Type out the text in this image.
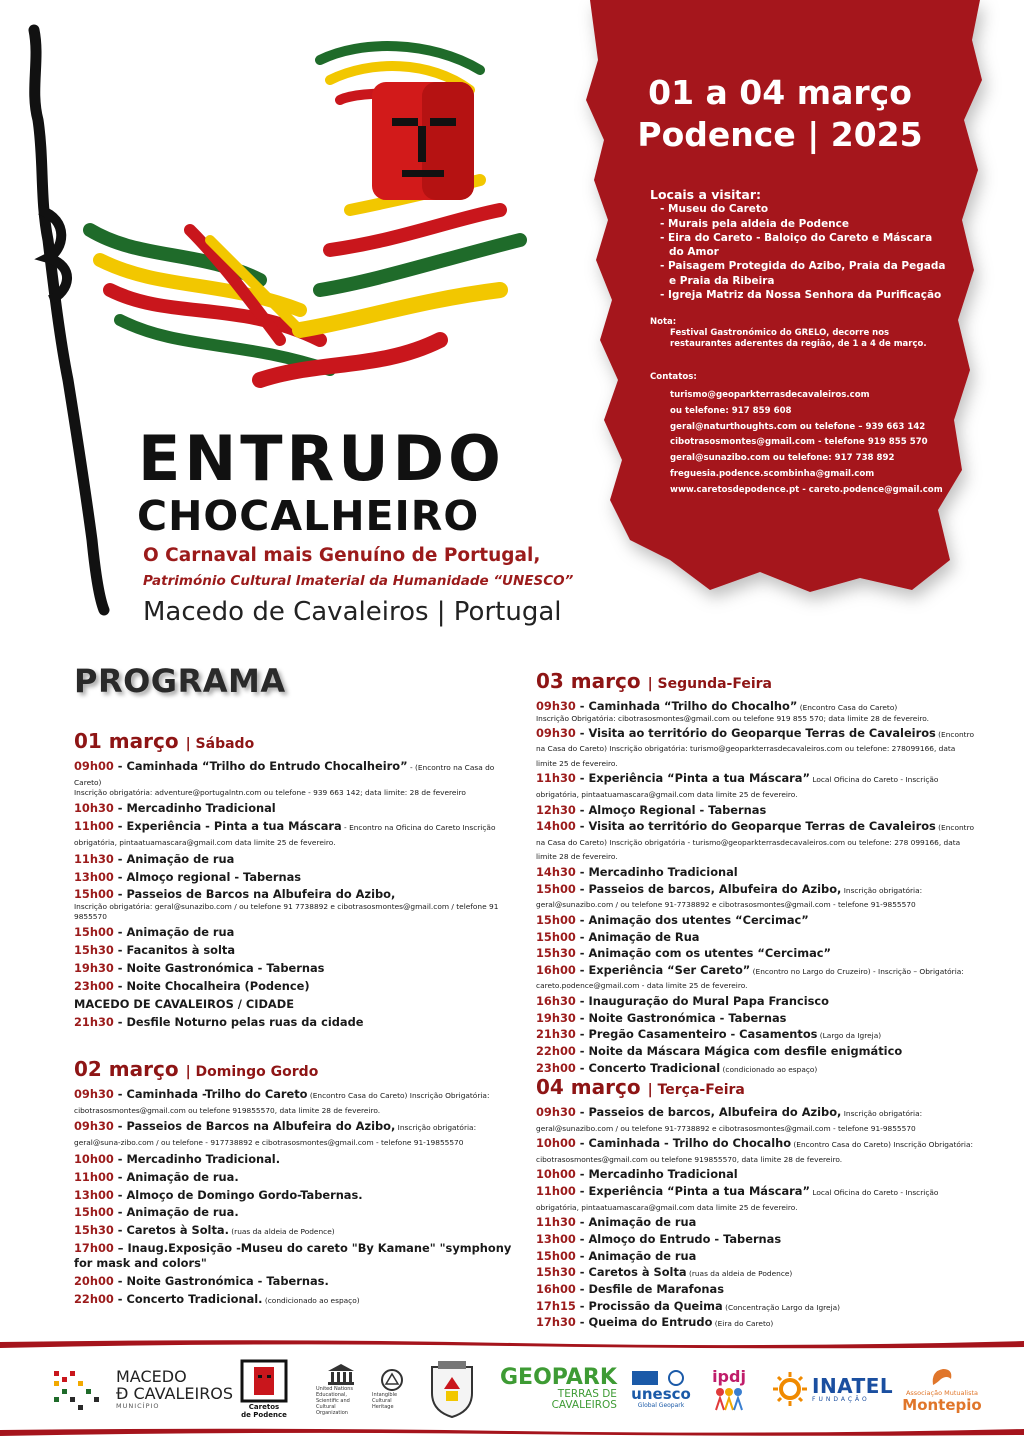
01 a 04 março
Podence | 2025
Locais a visitar:
- Museu do Careto
- Murais pela aldeia de Podence
- Eira do Careto - Baloiço do Careto e Máscara do Amor
- Paisagem Protegida do Azibo, Praia da Pegada e Praia da Ribeira
- Igreja Matriz da Nossa Senhora da Purificação
Nota:
Festival Gastronómico do GRELO, decorre nos restaurantes aderentes da região, de 1 a 4 de março.
Contatos:
turismo@geoparkterrasdecavaleiros.com
ou telefone: 917 859 608
geral@naturthoughts.com ou telefone – 939 663 142
cibotrasosmontes@gmail.com - telefone 919 855 570
geral@sunazibo.com ou telefone: 917 738 892
freguesia.podence.scombinha@gmail.com
www.caretosdepodence.pt - careto.podence@gmail.com
ENTRUDO
CHOCALHEIRO
O Carnaval mais Genuíno de Portugal,
Património Cultural Imaterial da Humanidade “UNESCO”
Macedo de Cavaleiros | Portugal
PROGRAMA
01 março | Sábado
09h00 - Caminhada “Trilho do Entrudo Chocalheiro” - (Encontro na Casa do Careto)
Inscrição obrigatória: adventure@portugalntn.com ou telefone - 939 663 142; data limite: 28 de fevereiro
10h30 - Mercadinho Tradicional
11h00 - Experiência - Pinta a tua Máscara - Encontro na Oficina do Careto Inscrição obrigatória, pintaatuamascara@gmail.com data limite 25 de fevereiro.
11h30 - Animação de rua
13h00 - Almoço regional - Tabernas
15h00 - Passeios de Barcos na Albufeira do Azibo,
Inscrição obrigatória: geral@sunazibo.com / ou telefone 91 7738892 e cibotrasosmontes@gmail.com / telefone 91 9855570
15h00 - Animação de rua
15h30 - Facanitos à solta
19h30 - Noite Gastronómica - Tabernas
23h00 - Noite Chocalheira (Podence)
MACEDO DE CAVALEIROS / CIDADE
21h30 - Desfile Noturno pelas ruas da cidade
02 março | Domingo Gordo
09h30 - Caminhada -Trilho do Careto (Encontro Casa do Careto) Inscrição Obrigatória: cibotrasosmontes@gmail.com ou telefone 919855570, data limite 28 de fevereiro.
09h30 - Passeios de Barcos na Albufeira do Azibo, Inscrição obrigatória: geral@suna-zibo.com / ou telefone - 917738892 e cibotrasosmontes@gmail.com - telefone 91-19855570
10h00 - Mercadinho Tradicional.
11h00 - Animação de rua.
13h00 - Almoço de Domingo Gordo-Tabernas.
15h00 - Animação de rua.
15h30 - Caretos à Solta. (ruas da aldeia de Podence)
17h00 – Inaug.Exposição -Museu do careto "By Kamane" "symphony for mask and colors"
20h00 - Noite Gastronómica - Tabernas.
22h00 - Concerto Tradicional. (condicionado ao espaço)
03 março | Segunda-Feira
09h30 - Caminhada “Trilho do Chocalho” (Encontro Casa do Careto)
Inscrição Obrigatória: cibotrasosmontes@gmail.com ou telefone 919 855 570; data limite 28 de fevereiro.
09h30 - Visita ao território do Geoparque Terras de Cavaleiros (Encontro na Casa do Careto) Inscrição obrigatória: turismo@geoparkterrasdecavaleiros.com ou telefone: 278099166, data limite 25 de fevereiro.
11h30 - Experiência “Pinta a tua Máscara” Local Oficina do Careto - Inscrição obrigatória, pintaatuamascara@gmail.com data limite 25 de fevereiro.
12h30 - Almoço Regional - Tabernas
14h00 - Visita ao território do Geoparque Terras de Cavaleiros (Encontro na Casa do Careto) Inscrição obrigatória - turismo@geoparkterrasdecavaleiros.com ou telefone: 278 099166, data limite 28 de fevereiro.
14h30 - Mercadinho Tradicional
15h00 - Passeios de barcos, Albufeira do Azibo, Inscrição obrigatória: geral@sunazibo.com / ou telefone 91-7738892 e cibotrasosmontes@gmail.com - telefone 91-9855570
15h00 - Animação dos utentes “Cercimac”
15h00 - Animação de Rua
15h30 - Animação com os utentes “Cercimac”
16h00 - Experiência “Ser Careto” (Encontro no Largo do Cruzeiro) - Inscrição – Obrigatória: careto.podence@gmail.com - data limite 25 de fevereiro.
16h30 - Inauguração do Mural Papa Francisco
19h30 - Noite Gastronómica - Tabernas
21h30 - Pregão Casamenteiro - Casamentos (Largo da Igreja)
22h00 - Noite da Máscara Mágica com desfile enigmático
23h00 - Concerto Tradicional (condicionado ao espaço)
04 março | Terça-Feira
09h30 - Passeios de barcos, Albufeira do Azibo, Inscrição obrigatória: geral@sunazibo.com / ou telefone 91-7738892 e cibotrasosmontes@gmail.com - telefone 91-9855570
10h00 - Caminhada - Trilho do Chocalho (Encontro Casa do Careto) Inscrição Obrigatória: cibotrasosmontes@gmail.com ou telefone 919855570, data limite 28 de fevereiro.
10h00 - Mercadinho Tradicional
11h00 - Experiência “Pinta a tua Máscara” Local Oficina do Careto - Inscrição obrigatória, pintaatuamascara@gmail.com data limite 25 de fevereiro.
11h30 - Animação de rua
13h00 - Almoço do Entrudo - Tabernas
15h00 - Animação de rua
15h30 - Caretos à Solta (ruas da aldeia de Podence)
16h00 - Desfile de Marafonas
17h15 - Procissão da Queima (Concentração Largo da Igreja)
17h30 - Queima do Entrudo (Eira do Careto)
MACEDO
Đ CAVALEIROS
MUNICÍPIO	Caretos
de Podence
United Nations Educational, Scientific and Cultural Organization
Intangible Cultural Heritage
GEOPARK
TERRAS DE
CAVALEIROS
unesco
Global Geopark
ipdj	INATEL
FUNDAÇÃO
Associação Mutualista
Montepio
